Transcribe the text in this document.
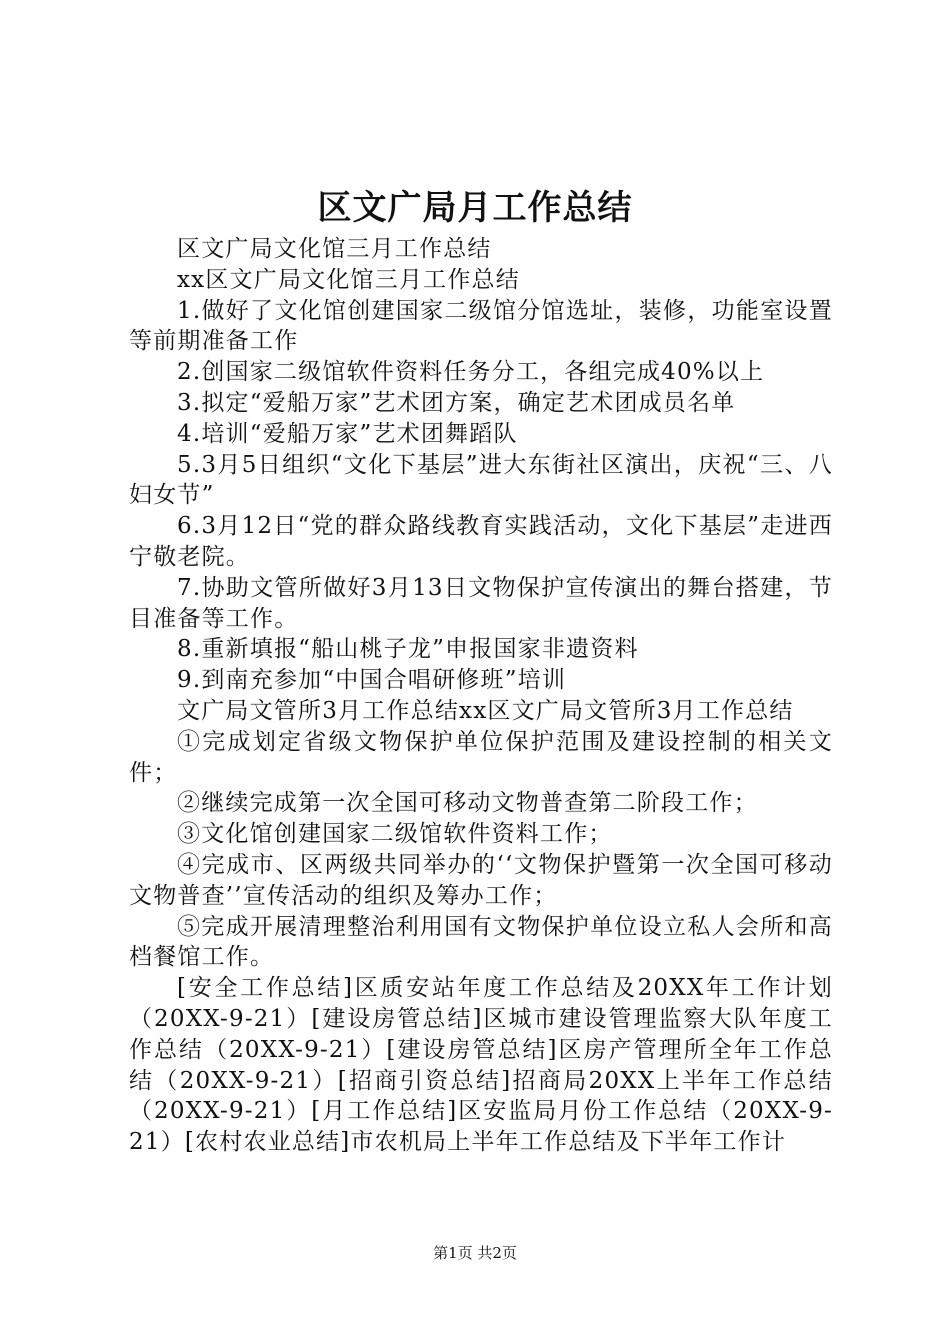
区文广局月工作总结

区文广局文化馆三月工作总结

xx区文广局文化馆三月工作总结

1.做好了文化馆创建国家二级馆分馆选址，装修，功能室设置等前期准备工作

2.创国家二级馆软件资料任务分工，各组完成40%以上

3.拟定“爱船万家”艺术团方案，确定艺术团成员名单

4.培训“爱船万家”艺术团舞蹈队

5.3月5日组织“文化下基层”进大东街社区演出，庆祝“三、八妇女节”

6.3月12日“党的群众路线教育实践活动，文化下基层”走进西宁敬老院。

7.协助文管所做好3月13日文物保护宣传演出的舞台搭建，节目准备等工作。

8.重新填报“船山桃子龙”申报国家非遗资料

9.到南充参加“中国合唱研修班”培训

文广局文管所3月工作总结xx区文广局文管所3月工作总结

①完成划定省级文物保护单位保护范围及建设控制的相关文件；

②继续完成第一次全国可移动文物普查第二阶段工作；

③文化馆创建国家二级馆软件资料工作；

④完成市、区两级共同举办的‘‘文物保护暨第一次全国可移动文物普查’’宣传活动的组织及筹办工作；

⑤完成开展清理整治利用国有文物保护单位设立私人会所和高档餐馆工作。

[安全工作总结]区质安站年度工作总结及20XX年工作计划（20XX-9-21）[建设房管总结]区城市建设管理监察大队年度工作总结（20XX-9-21）[建设房管总结]区房产管理所全年工作总结（20XX-9-21）[招商引资总结]招商局20XX上半年工作总结（20XX-9-21）[月工作总结]区安监局月份工作总结（20XX-9-21）[农村农业总结]市农机局上半年工作总结及下半年工作计

第1页 共2页
